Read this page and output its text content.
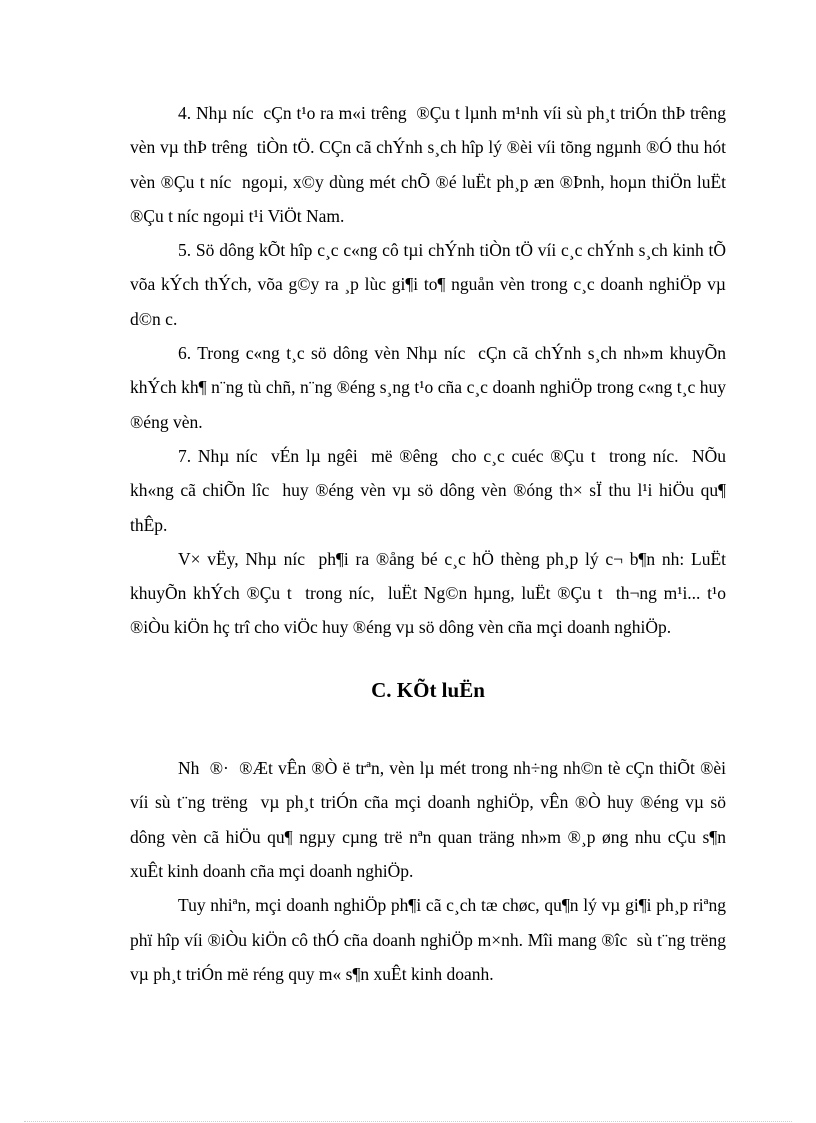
4. Nhµ níc  cÇn t¹o ra m«i trêng  ®Çu t lµnh m¹nh víi sù ph¸t triÓn thÞ trêng  vèn vµ thÞ trêng  tiÒn tÖ. CÇn cã chÝnh s¸ch hîp lý ®èi víi tõng ngµnh ®Ó thu hót vèn ®Çu t níc  ngoµi, x©y dùng mét chÕ ®é luËt ph¸p æn ®Þnh, hoµn thiÖn luËt ®Çu t níc ngoµi t¹i ViÖt Nam.

5. Sö dông kÕt hîp c¸c c«ng cô tµi chÝnh tiÒn tÖ víi c¸c chÝnh s¸ch kinh tÕ võa kÝch thÝch, võa g©y ra ¸p lùc gi¶i to¶ nguån vèn trong c¸c doanh nghiÖp vµ d©n c.

6. Trong c«ng t¸c sö dông vèn Nhµ níc  cÇn cã chÝnh s¸ch nh»m khuyÕn khÝch kh¶ n¨ng tù chñ, n¨ng ®éng s¸ng t¹o cña c¸c doanh nghiÖp trong c«ng t¸c huy ®éng vèn.

7. Nhµ níc  vÉn lµ ngêi  më ®êng  cho c¸c cuéc ®Çu t  trong níc.  NÕu kh«ng cã chiÕn lîc  huy ®éng vèn vµ sö dông vèn ®óng th× sÏ thu l¹i hiÖu qu¶ thÊp.

V× vËy, Nhµ níc  ph¶i ra ®ång bé c¸c hÖ thèng ph¸p lý c¬ b¶n nh: LuËt khuyÕn khÝch ®Çu t  trong níc,  luËt Ng©n hµng, luËt ®Çu t  th¬ng m¹i... t¹o ®iÒu kiÖn hç trî cho viÖc huy ®éng vµ sö dông vèn cña mçi doanh nghiÖp.

C. KÕt luËn

Nh  ®·  ®Æt vÊn ®Ò ë trªn, vèn lµ mét trong nh÷ng nh©n tè cÇn thiÕt ®èi víi sù t¨ng trëng  vµ ph¸t triÓn cña mçi doanh nghiÖp, vÊn ®Ò huy ®éng vµ sö dông vèn cã hiÖu qu¶ ngµy cµng trë nªn quan träng nh»m ®¸p øng nhu cÇu s¶n xuÊt kinh doanh cña mçi doanh nghiÖp.

Tuy nhiªn, mçi doanh nghiÖp ph¶i cã c¸ch tæ chøc, qu¶n lý vµ gi¶i ph¸p riªng phï hîp víi ®iÒu kiÖn cô thÓ cña doanh nghiÖp m×nh. Mîi mang ®îc  sù t¨ng trëng  vµ ph¸t triÓn më réng quy m« s¶n xuÊt kinh doanh.
